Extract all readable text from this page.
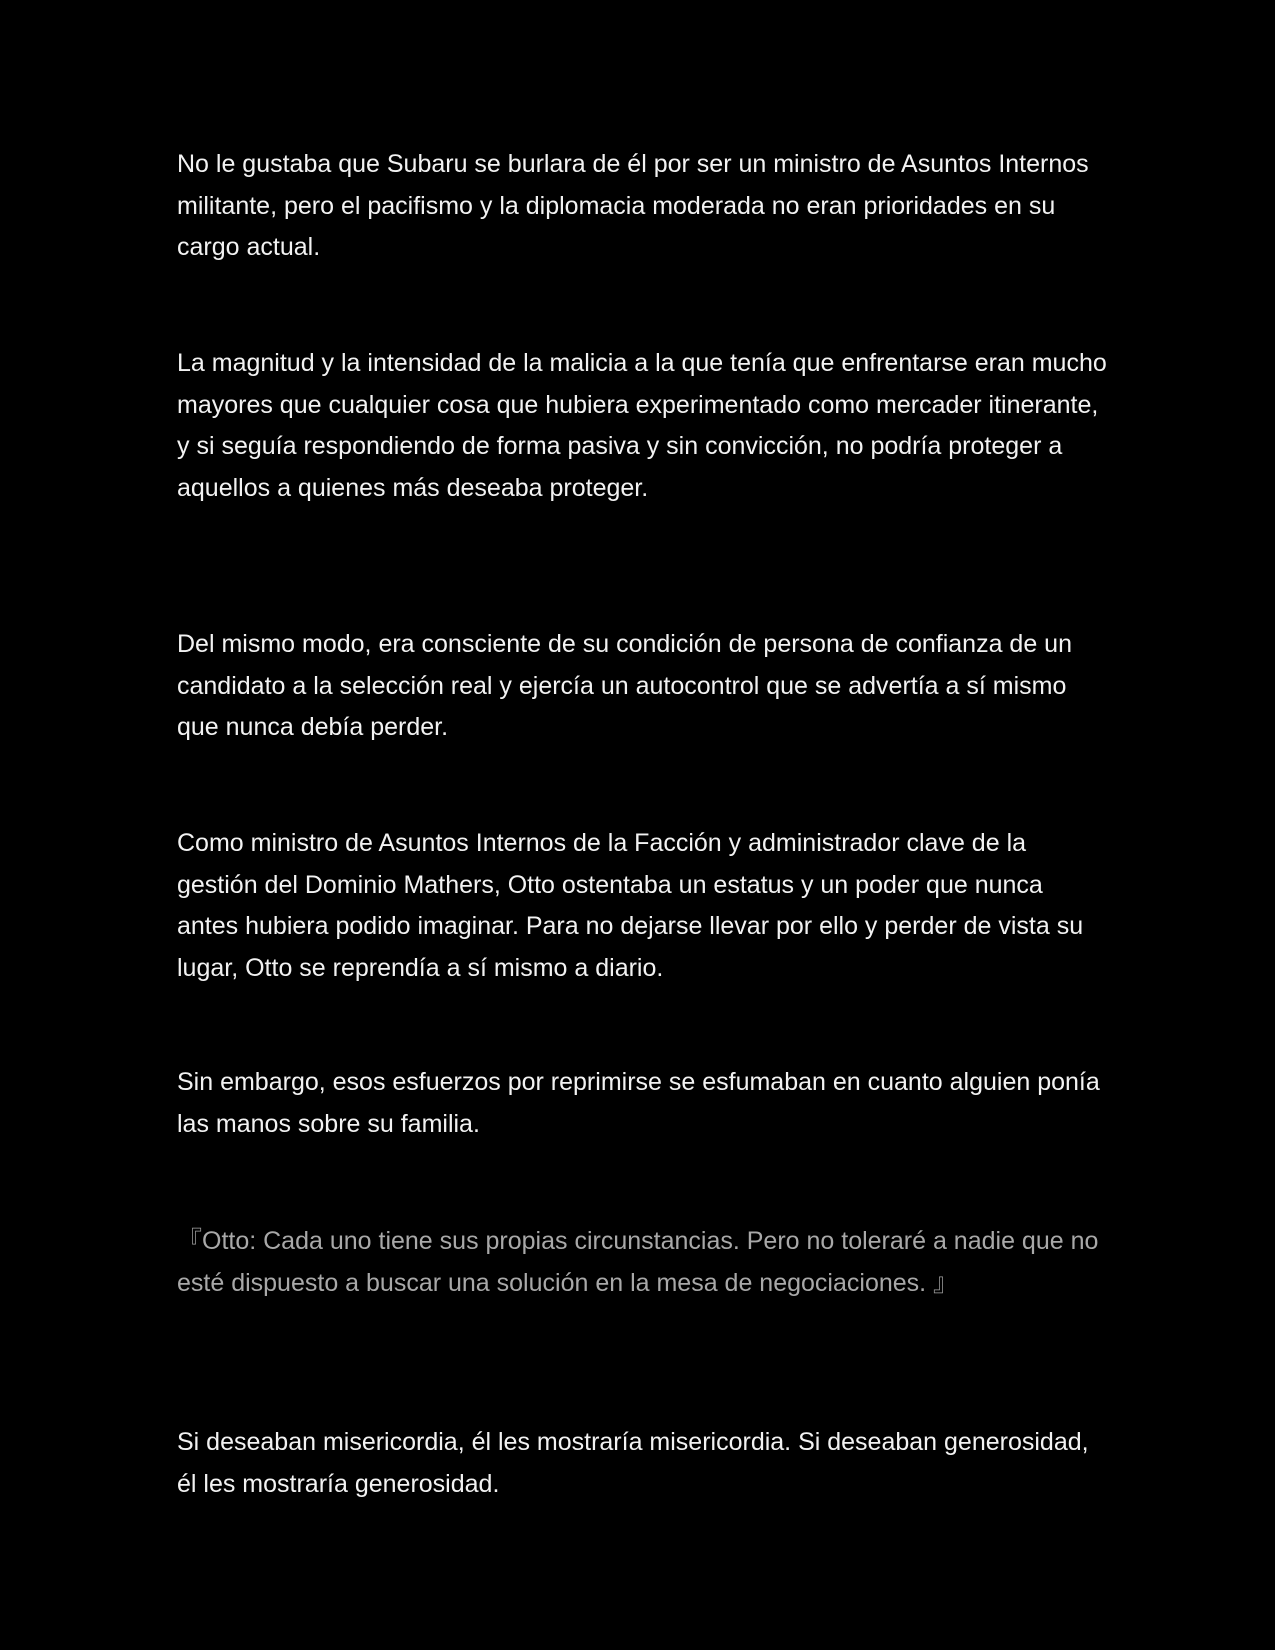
No le gustaba que Subaru se burlara de él por ser un ministro de Asuntos Internos militante, pero el pacifismo y la diplomacia moderada no eran prioridades en su cargo actual.

La magnitud y la intensidad de la malicia a la que tenía que enfrentarse eran mucho mayores que cualquier cosa que hubiera experimentado como mercader itinerante, y si seguía respondiendo de forma pasiva y sin convicción, no podría proteger a aquellos a quienes más deseaba proteger.

Del mismo modo, era consciente de su condición de persona de confianza de un candidato a la selección real y ejercía un autocontrol que se advertía a sí mismo que nunca debía perder.

Como ministro de Asuntos Internos de la Facción y administrador clave de la gestión del Dominio Mathers, Otto ostentaba un estatus y un poder que nunca antes hubiera podido imaginar. Para no dejarse llevar por ello y perder de vista su lugar, Otto se reprendía a sí mismo a diario.

Sin embargo, esos esfuerzos por reprimirse se esfumaban en cuanto alguien ponía las manos sobre su familia.

『Otto: Cada uno tiene sus propias circunstancias. Pero no toleraré a nadie que no esté dispuesto a buscar una solución en la mesa de negociaciones. 』

Si deseaban misericordia, él les mostraría misericordia. Si deseaban generosidad, él les mostraría generosidad.
